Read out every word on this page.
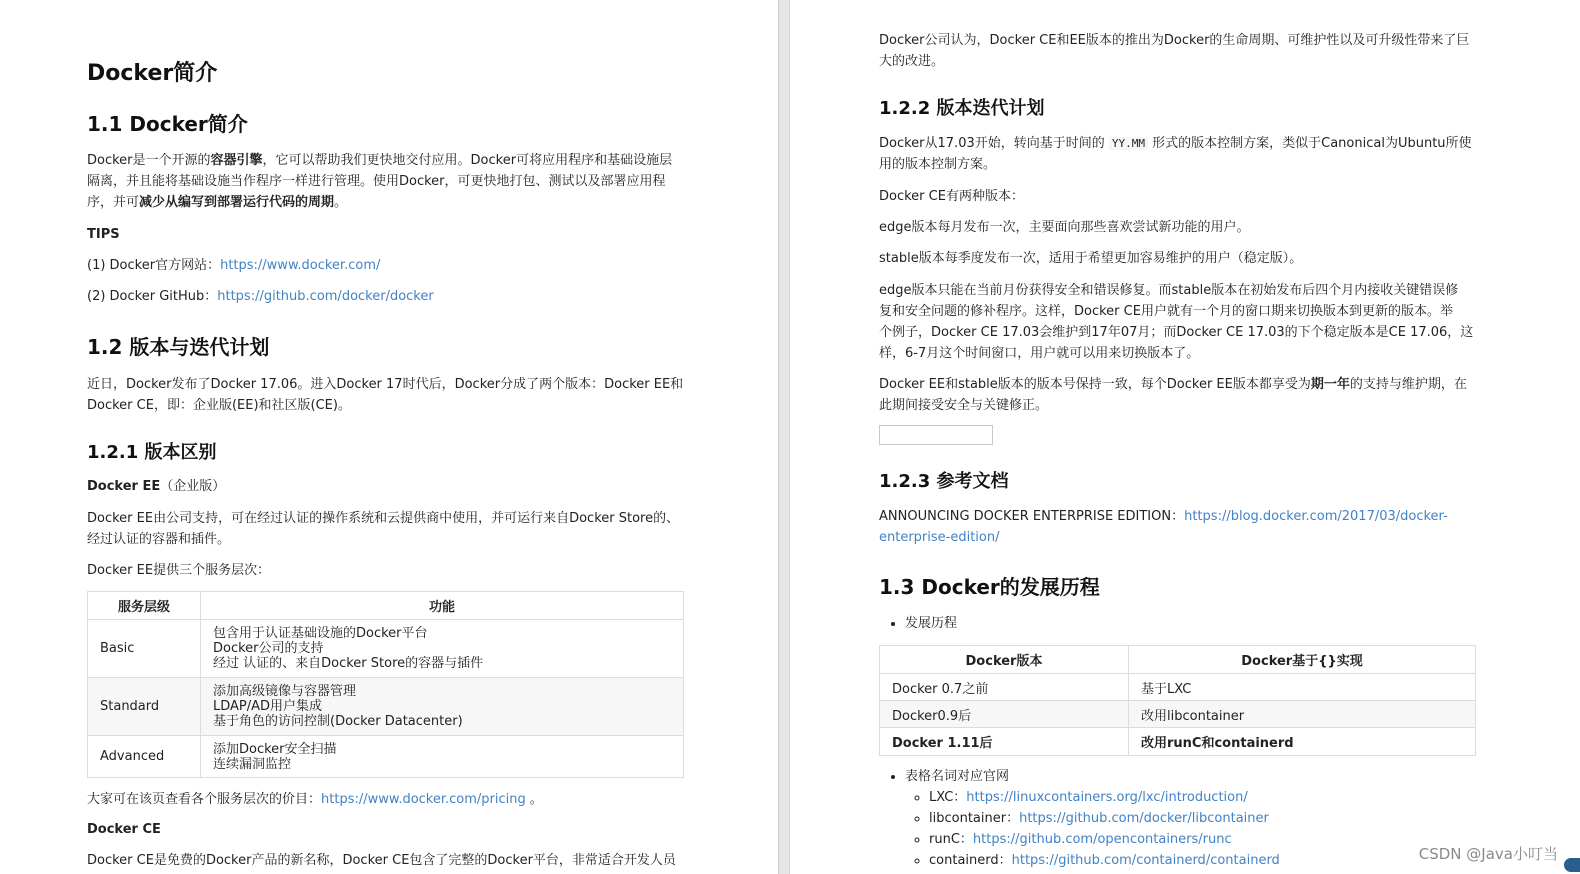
Docker简介
1.1 Docker简介
Docker是一个开源的容器引擎，它可以帮助我们更快地交付应用。Docker可将应用程序和基础设施层
隔离，并且能将基础设施当作程序一样进行管理。使用Docker，可更快地打包、测试以及部署应用程
序，并可减少从编写到部署运行代码的周期。
TIPS
(1) Docker官方网站：https://www.docker.com/
(2) Docker GitHub：https://github.com/docker/docker
1.2 版本与迭代计划
近日，Docker发布了Docker 17.06。进入Docker 17时代后，Docker分成了两个版本：Docker EE和
Docker CE，即：企业版(EE)和社区版(CE)。
1.2.1 版本区别
Docker EE（企业版）
Docker EE由公司支持，可在经过认证的操作系统和云提供商中使用，并可运行来自Docker Store的、
经过认证的容器和插件。
Docker EE提供三个服务层次：
服务层级	功能
Basic	包含用于认证基础设施的Docker平台
Docker公司的支持
经过 认证的、来自Docker Store的容器与插件

Standard	添加高级镜像与容器管理
LDAP/AD用户集成
基于角色的访问控制(Docker Datacenter)

Advanced	添加Docker安全扫描
连续漏洞监控
大家可在该页查看各个服务层次的价目：https://www.docker.com/pricing 。
Docker CE
Docker CE是免费的Docker产品的新名称，Docker CE包含了完整的Docker平台，非常适合开发人员
Docker公司认为，Docker CE和EE版本的推出为Docker的生命周期、可维护性以及可升级性带来了巨
大的改进。
1.2.2 版本迭代计划
Docker从17.03开始，转向基于时间的 YY.MM 形式的版本控制方案，类似于Canonical为Ubuntu所使
用的版本控制方案。
Docker CE有两种版本：
edge版本每月发布一次，主要面向那些喜欢尝试新功能的用户。
stable版本每季度发布一次，适用于希望更加容易维护的用户（稳定版）。
edge版本只能在当前月份获得安全和错误修复。而stable版本在初始发布后四个月内接收关键错误修
复和安全问题的修补程序。这样，Docker CE用户就有一个月的窗口期来切换版本到更新的版本。举
个例子，Docker CE 17.03会维护到17年07月；而Docker CE 17.03的下个稳定版本是CE 17.06，这
样，6-7月这个时间窗口，用户就可以用来切换版本了。
Docker EE和stable版本的版本号保持一致，每个Docker EE版本都享受为期一年的支持与维护期，在
此期间接受安全与关键修正。
1.2.3 参考文档
ANNOUNCING DOCKER ENTERPRISE EDITION：https://blog.docker.com/2017/03/docker-
enterprise-edition/
1.3 Docker的发展历程
• 发展历程
Docker版本	Docker基于{}实现
Docker 0.7之前	基于LXC
Docker0.9后	改用libcontainer
Docker 1.11后	改用runC和containerd
• 表格名词对应官网
◦ LXC：https://linuxcontainers.org/lxc/introduction/
◦ libcontainer：https://github.com/docker/libcontainer
◦ runC：https://github.com/opencontainers/runc
◦ containerd：https://github.com/containerd/containerd	CSDN @Java小叮当
